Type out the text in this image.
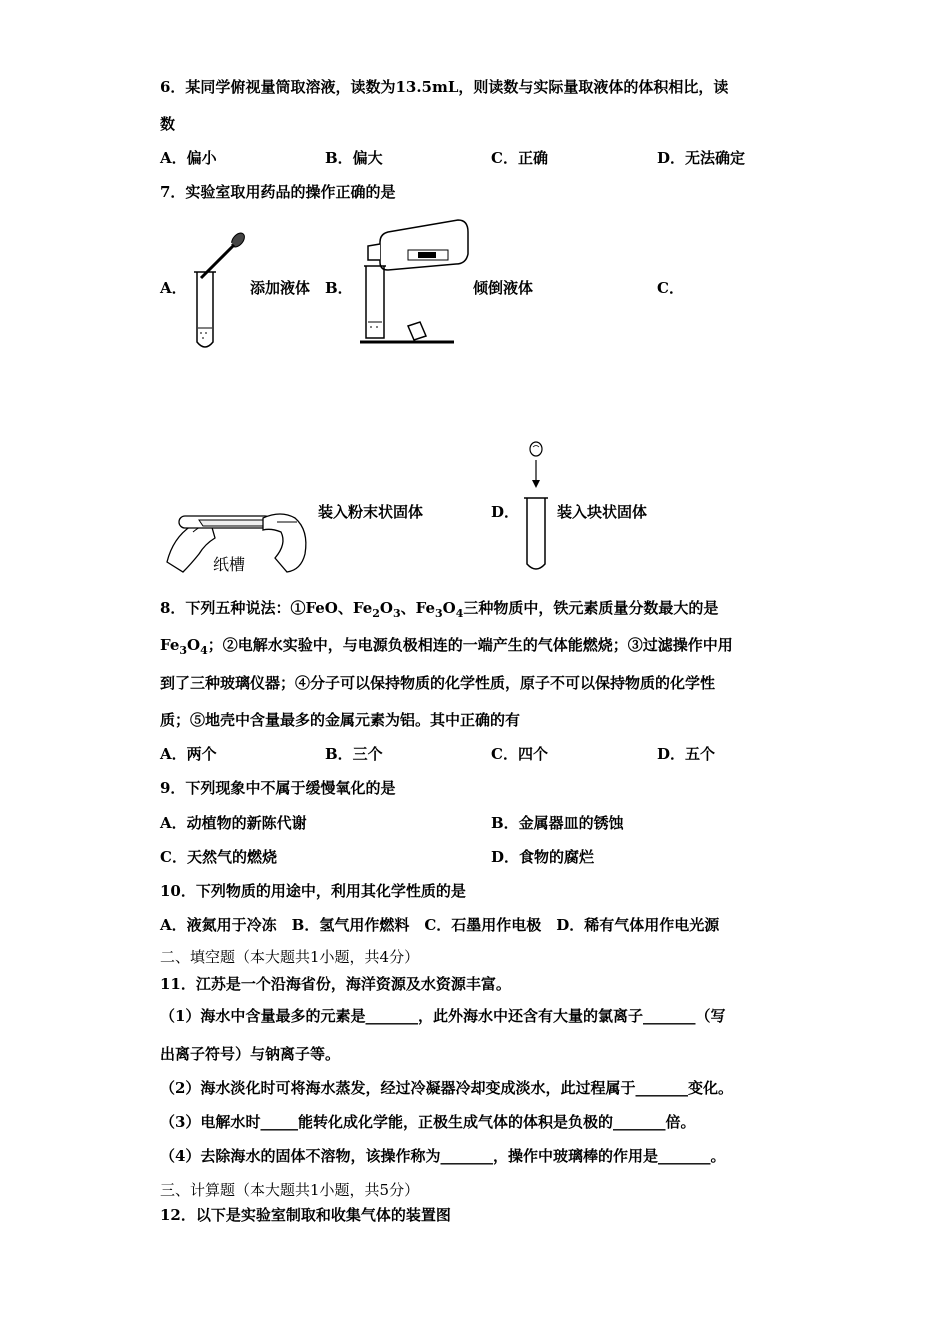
6．某同学俯视量筒取溶液，读数为13.5mL，则读数与实际量取液体的体积相比，读
数
A．偏小	B．偏大	C．正确	D．无法确定
7．实验室取用药品的操作正确的是
A．	添加液体 B．	倾倒液体	C．
纸槽
装入粉末状固体	D．	装入块状固体
8．下列五种说法：①FeO、$Fe_2O_3$、$Fe_3O_4$三种物质中，铁元素质量分数最大的是
$Fe_3O_4$；②电解水实验中，与电源负极相连的一端产生的气体能燃烧；③过滤操作中用
到了三种玻璃仪器；④分子可以保持物质的化学性质，原子不可以保持物质的化学性
质；⑤地壳中含量最多的金属元素为铝。其中正确的有
A．两个	B．三个	C．四个	D．五个
9．下列现象中不属于缓慢氧化的是
A．动植物的新陈代谢	B．金属器皿的锈蚀
C．天然气的燃烧	D．食物的腐烂
10．下列物质的用途中，利用其化学性质的是
A．液氮用于冷冻　B．氢气用作燃料　C．石墨用作电极　D．稀有气体用作电光源
二、填空题（本大题共1小题，共4分）
11．江苏是一个沿海省份，海洋资源及水资源丰富。
（1）海水中含量最多的元素是_______，此外海水中还含有大量的氯离子_______（写
出离子符号）与钠离子等。
（2）海水淡化时可将海水蒸发，经过冷凝器冷却变成淡水，此过程属于_______变化。
（3）电解水时_____能转化成化学能，正极生成气体的体积是负极的_______倍。
（4）去除海水的固体不溶物，该操作称为_______，操作中玻璃棒的作用是_______。
三、计算题（本大题共1小题，共5分）
12．以下是实验室制取和收集气体的装置图
